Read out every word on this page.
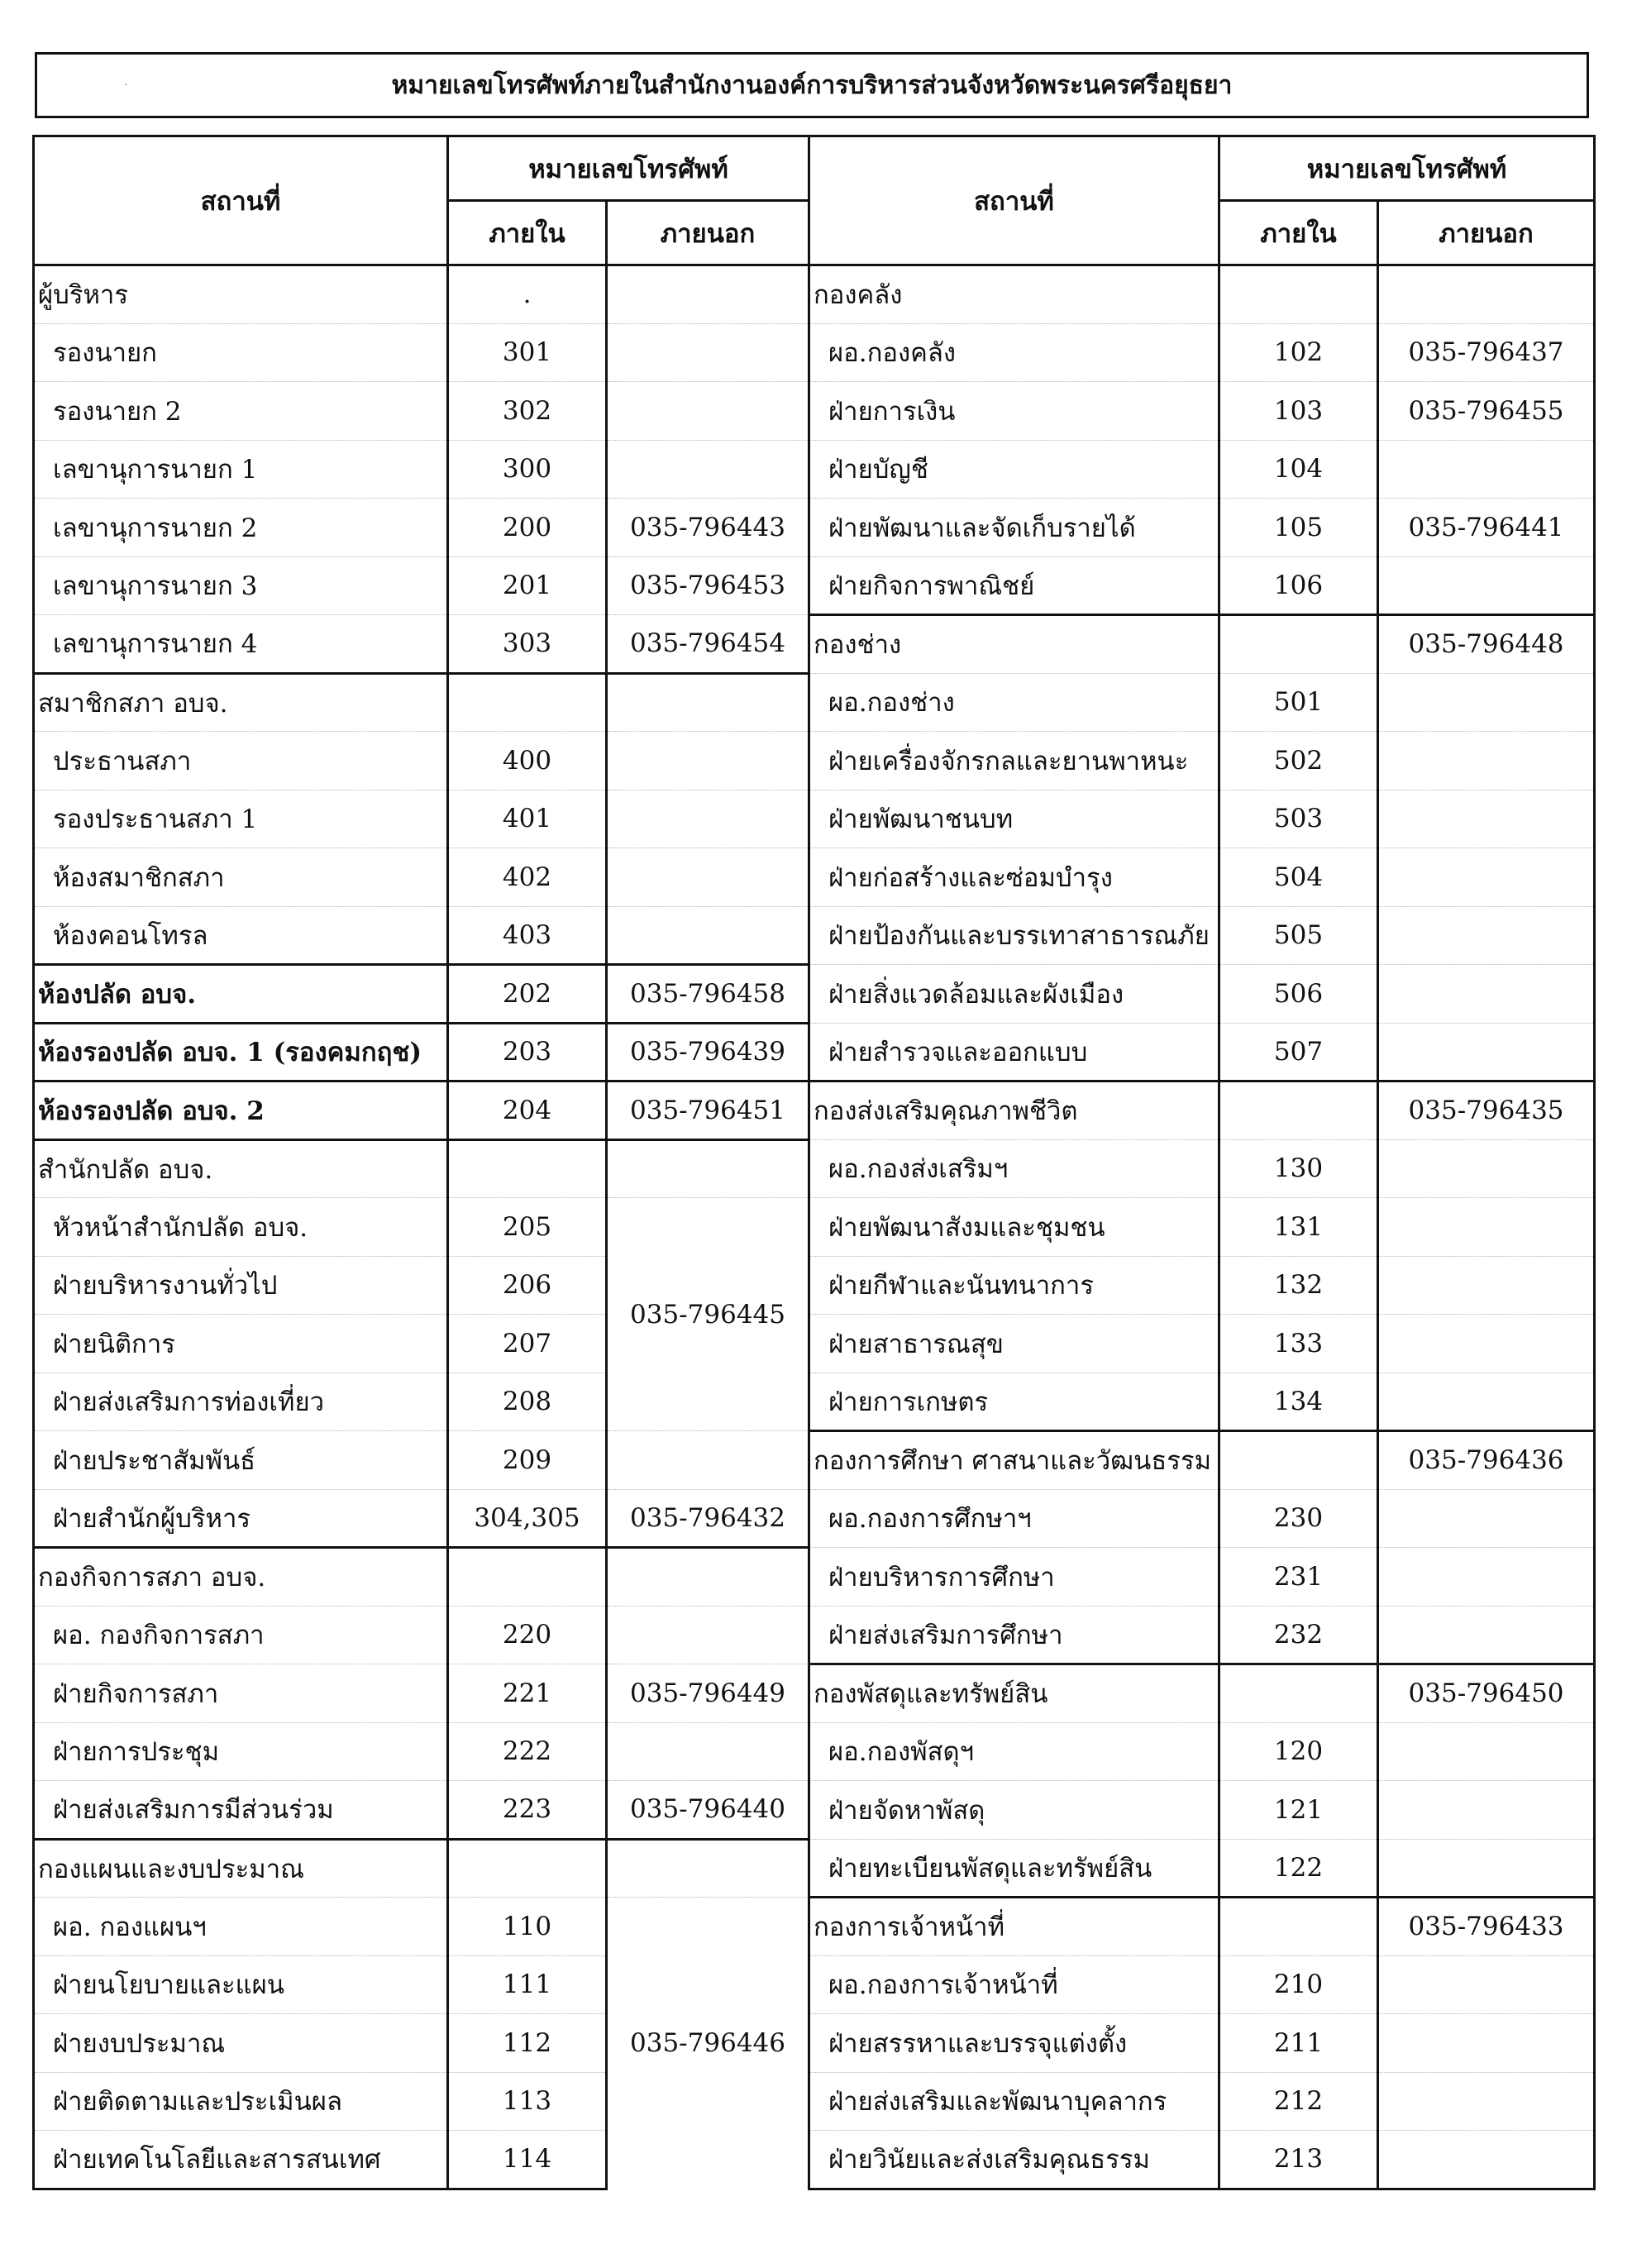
หมายเลขโทรศัพท์ภายในสำนักงานองค์การบริหารส่วนจังหวัดพระนครศรีอยุธยา
·
สถานที่	หมายเลขโทรศัพท์		สถานที่	หมายเลขโทรศัพท์	
	ภายใน	ภายนอก		ภายใน	ภายนอก
ผู้บริหาร	.		กองคลัง		
รองนายก	301		ผอ.กองคลัง	102	035-796437
รองนายก 2	302		ฝ่ายการเงิน	103	035-796455
เลขานุการนายก 1	300		ฝ่ายบัญชี	104	
เลขานุการนายก 2	200	035-796443	ฝ่ายพัฒนาและจัดเก็บรายได้	105	035-796441
เลขานุการนายก 3	201	035-796453	ฝ่ายกิจการพาณิชย์	106	
เลขานุการนายก 4	303	035-796454	กองช่าง		035-796448
สมาชิกสภา อบจ.			ผอ.กองช่าง	501	
ประธานสภา	400		ฝ่ายเครื่องจักรกลและยานพาหนะ	502	
รองประธานสภา 1	401		ฝ่ายพัฒนาชนบท	503	
ห้องสมาชิกสภา	402		ฝ่ายก่อสร้างและซ่อมบำรุง	504	
ห้องคอนโทรล	403		ฝ่ายป้องกันและบรรเทาสาธารณภัย	505	
ห้องปลัด อบจ.	202	035-796458	ฝ่ายสิ่งแวดล้อมและผังเมือง	506	
ห้องรองปลัด อบจ. 1 (รองคมกฤช)	203	035-796439	ฝ่ายสำรวจและออกแบบ	507	
ห้องรองปลัด อบจ. 2	204	035-796451	กองส่งเสริมคุณภาพชีวิต		035-796435
สำนักปลัด อบจ.			ผอ.กองส่งเสริมฯ	130	
หัวหน้าสำนักปลัด อบจ.	205	035-796445	ฝ่ายพัฒนาสังมและชุมชน	131	
ฝ่ายบริหารงานทั่วไป	206		ฝ่ายกีฬาและนันทนาการ	132	
ฝ่ายนิติการ	207		ฝ่ายสาธารณสุข	133	
ฝ่ายส่งเสริมการท่องเที่ยว	208		ฝ่ายการเกษตร	134	
ฝ่ายประชาสัมพันธ์	209		กองการศึกษา ศาสนาและวัฒนธรรม		035-796436
ฝ่ายสำนักผู้บริหาร	304,305	035-796432	ผอ.กองการศึกษาฯ	230	
กองกิจการสภา อบจ.			ฝ่ายบริหารการศึกษา	231	
ผอ. กองกิจการสภา	220		ฝ่ายส่งเสริมการศึกษา	232	
ฝ่ายกิจการสภา	221	035-796449	กองพัสดุและทรัพย์สิน		035-796450
ฝ่ายการประชุม	222		ผอ.กองพัสดุฯ	120	
ฝ่ายส่งเสริมการมีส่วนร่วม	223	035-796440	ฝ่ายจัดหาพัสดุ	121	
กองแผนและงบประมาณ			ฝ่ายทะเบียนพัสดุและทรัพย์สิน	122	
ผอ. กองแผนฯ	110	035-796446	กองการเจ้าหน้าที่		035-796433
ฝ่ายนโยบายและแผน	111		ผอ.กองการเจ้าหน้าที่	210	
ฝ่ายงบประมาณ	112		ฝ่ายสรรหาและบรรจุแต่งตั้ง	211	
ฝ่ายติดตามและประเมินผล	113		ฝ่ายส่งเสริมและพัฒนาบุคลากร	212	
ฝ่ายเทคโนโลยีและสารสนเทศ	114		ฝ่ายวินัยและส่งเสริมคุณธรรม	213	
